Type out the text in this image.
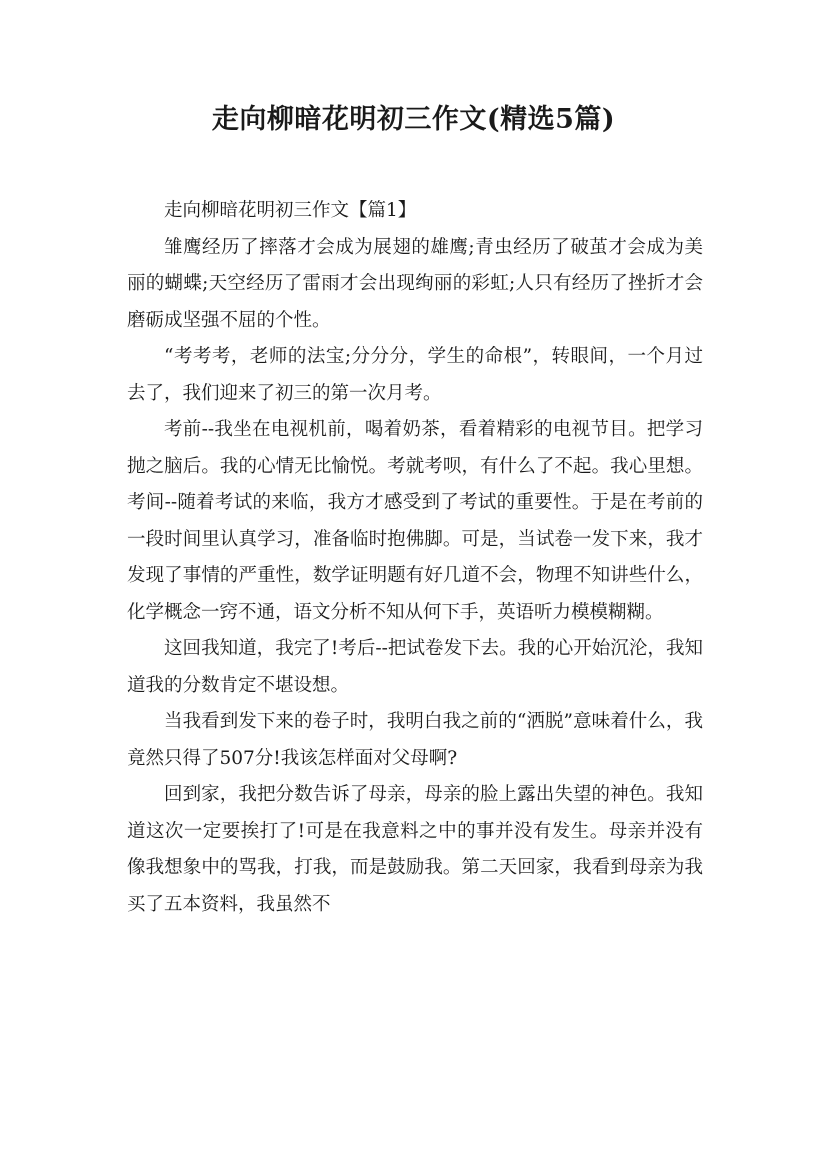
走向柳暗花明初三作文(精选5篇)

走向柳暗花明初三作文【篇1】

雏鹰经历了摔落才会成为展翅的雄鹰;青虫经历了破茧才会成为美丽的蝴蝶;天空经历了雷雨才会出现绚丽的彩虹;人只有经历了挫折才会磨砺成坚强不屈的个性。

“考考考，老师的法宝;分分分，学生的命根”，转眼间，一个月过去了，我们迎来了初三的第一次月考。

考前--我坐在电视机前，喝着奶茶，看着精彩的电视节目。把学习抛之脑后。我的心情无比愉悦。考就考呗，有什么了不起。我心里想。考间--随着考试的来临，我方才感受到了考试的重要性。于是在考前的一段时间里认真学习，准备临时抱佛脚。可是，当试卷一发下来，我才发现了事情的严重性，数学证明题有好几道不会，物理不知讲些什么，化学概念一窍不通，语文分析不知从何下手，英语听力模模糊糊。

这回我知道，我完了!考后--把试卷发下去。我的心开始沉沦，我知道我的分数肯定不堪设想。

当我看到发下来的卷子时，我明白我之前的“洒脱”意味着什么，我竟然只得了507分!我该怎样面对父母啊?

回到家，我把分数告诉了母亲，母亲的脸上露出失望的神色。我知道这次一定要挨打了!可是在我意料之中的事并没有发生。母亲并没有像我想象中的骂我，打我，而是鼓励我。第二天回家，我看到母亲为我买了五本资料，我虽然不
